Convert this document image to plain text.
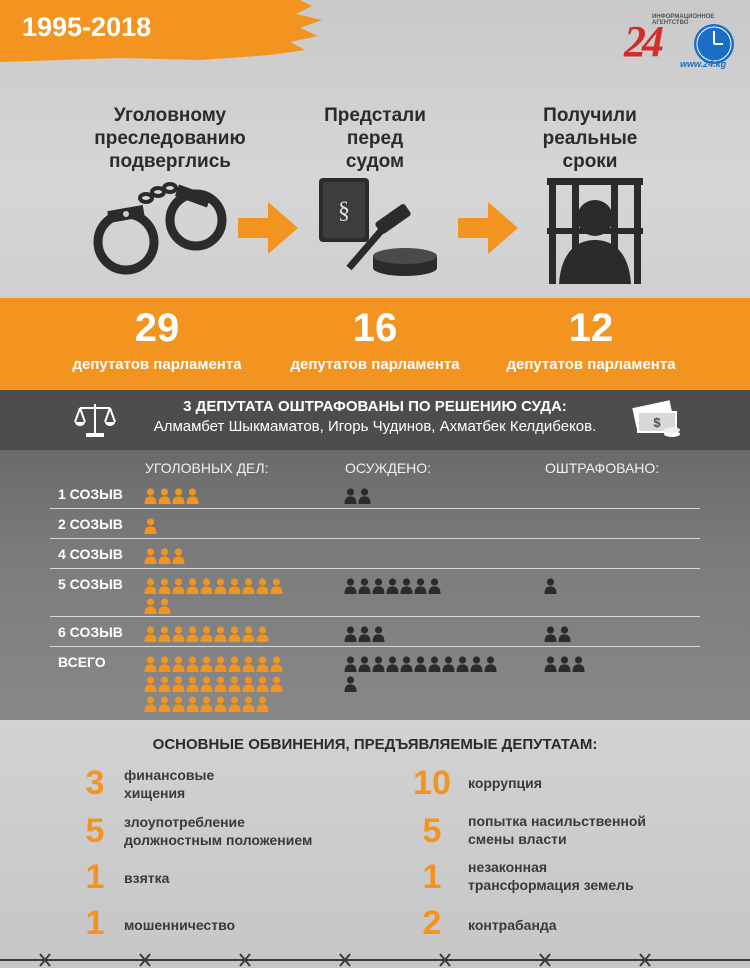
1995-2018	24
ИНФОРМАЦИОННОЕ АГЕНТСТВО
www.24.kg
Уголовному
преследованию
подверглись
Предстали
перед
судом
Получили
реальные
сроки
§
29
депутатов парламента
16
депутатов парламента
12
депутатов парламента
3 ДЕПУТАТА ОШТРАФОВАНЫ ПО РЕШЕНИЮ СУДА:
Алмамбет Шыкмаматов, Игорь Чудинов, Ахматбек Келдибеков.	$
УГОЛОВНЫХ ДЕЛ:	ОСУЖДЕНО:	ОШТРАФОВАНО:
1 СОЗЫВ
2 СОЗЫВ
4 СОЗЫВ
5 СОЗЫВ
6 СОЗЫВ
ВСЕГО
ОСНОВНЫЕ ОБВИНЕНИЯ, ПРЕДЪЯВЛЯЕМЫЕ ДЕПУТАТАМ:
3	финансовые
хищения
5	злоупотребление
должностным положением
1	взятка
1	мошенничество
10	коррупция
5	попытка насильственной
смены власти
1	незаконная
трансформация земель
2	контрабанда
